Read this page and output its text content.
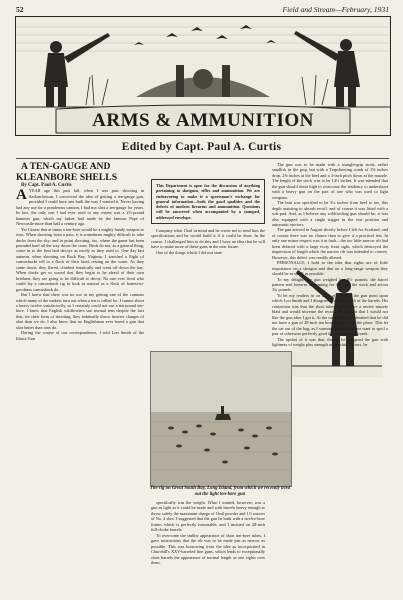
52	Field and Stream—February, 1931
ARMS & AMMUNITION
Edited by Capt. Paul A. Curtis

A TEN-GAUGE AND KLEANBORE SHELLS

By Capt. Paul A. Curtis

AYEAR ago this past fall, when I was pass shooting in Saskatchewan, I conceived the idea of getting a ten-gauge gun, provided I could have one built the way I wanted it. Never having had any use for a ponderous cannon, I had not shot a ten-gauge for years. In fact, the only one I had ever used to any extent was a 2½-pound hammer gun, which my father had made by the famous Pape of Newcastle more than half a century ago.

Yet I knew that at times a ten-bore would be a mighty handy weapon to own. When shooting from a pass, it is sometimes mighty difficult to rake ducks from the sky; and in point shooting, too, where the game has been pounded hard all the way down the coast. Birds do not, as a general thing, come in to the best laid decoys as nicely as they used to. One day last autumn, when shooting on Back Bay, Virginia, I watched a flight of canvasbacks tell to a flock of their kind, resting on the water. As they came down, they flared, climbed frantically and went off down the bay. When ducks get so scared that they begin to be afraid of their own brethren, they are going to be difficult to decoy. No one ever lived who could lay a canvasback rig to look as natural as a flock of honest-to-goodness canvasback do.

But I knew that there was no use in my getting one of the cannons which many of the makers turn out when a ten is called for. I cannot shoot a heavy twelve satisfactorily, so I certainly could not use a ten-pound ten-bore. I knew that English wildfowlers use normal tens despite the fact that, for their form of shooting, they habitually throw heavier charges of shot than we do. I also knew that no Englishman ever bored a gun that shot better than ours do.

During the course of our correspondence, I told Lon Smith of the Ithaca Gun

This Department is open for the discussion of anything pertaining to shotguns, rifles and ammunition. We are endeavoring to make it a sportsman's exchange for general information—both the good qualities and the defects of modern firearms and ammunition. Questions will be answered when accompanied by a stamped, addressed envelope.

Company what I had in mind and he wrote me to send him the specifications and he would build it if it could be done. In the course, I challenged him to do this and I have an idea that he will have to make more of these guns in the near future.

One of the things which I did not state

The rig on Great South Bay, Long Island, from which we recently tried out the light ten-bore gun

specifically was the weight. What I wanted, however, was a gun as light as it could be made and with barrels heavy enough to throw safely the maximum charge of Oval powder and 1½ ounces of No. 4 shot. I suggested that the gun be built with a twelve-bore frame, which is perfectly reasonable, and I insisted on 28-inch full-choke barrels.

To overcome the stubby appearance of short ten-bore tubes, I gave instructions that the rib was to be made just as narrow as possible. This was borrowing from the idea as incorporated in Churchill's XXV-barreled fine guns, which lends to exceptionally short barrels the appearance of normal length as one sights over them.

The gun was to be made with a straight-grip stock, rather smallish in the grip, but with a Trapshooting comb of 1⅝ inches drop, 2⅜ inches at the heel and a 3-inch pitch down at the muzzle. The length of the stock was to be 14½ inches. It was intended that the gun should shoot high to overcome the tendency to undershoot with a heavy gun on the part of one who was used to light weapons.

The butt was specified to be 5¼ inches from heel to toe, this depth assisting to absorb recoil, and of course it was fitted with a soft pad. And, as I believe any wildfowling gun should be, it was also equipped with a single trigger in the rear position and automatic ejectors.

The gun arrived in August shortly before I left for Scotland, and of course there was no chance then to give it a practical test. In only one minor respect was it at fault—the too little narrow rib had been defaced with a large ivory front sight, which destroyed the impression of length which the narrow rib was intended to convey. However, this defect was readily altered.

PERSONALLY, I hold to the idea that sights are of little importance on a shotgun and that on a long-range weapon they should be as small as possible.

To my delight, the gun weighed but 8½ pounds; the barrel pattern and forearm accounting for 4¾, and the stock and action 3¾ pounds.

To let my readers in on a bit of a secret, the gun point upon which Lon Smith and I disagreed was the length of the barrels. His contention was that the short tubes would have a severe muzzle blast and would increase the recoil. He thought that I would not like the gun after I got it. At the same time, he admitted that he did not have a gun of 28-inch ten bore on his rib in the place. This let the cat out of the bag, as I surmised that he did not want to spoil a pair of otherwise perfectly good tubes to humor a crank.

The upshot of it was that, though he designed the gun with lightness of weight plus strength as the chief factors, he
